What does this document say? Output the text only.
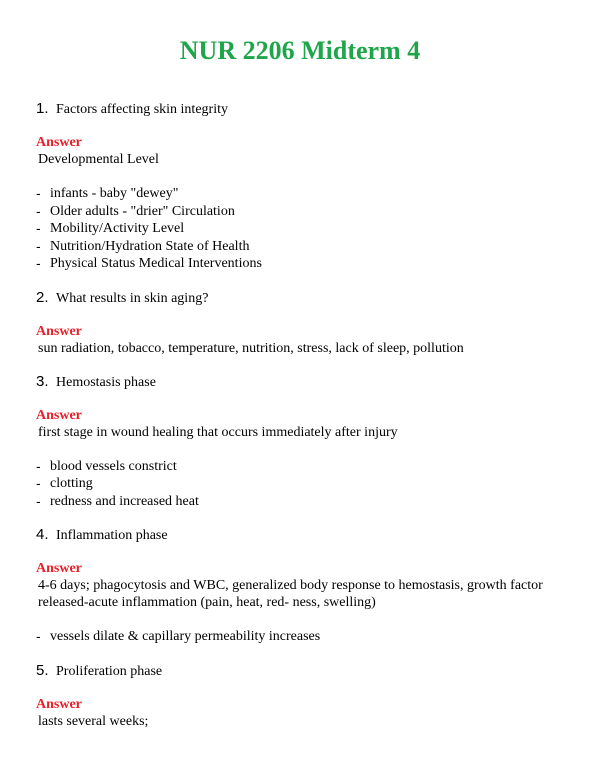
NUR 2206 Midterm 4
1. Factors affecting skin integrity
Answer
Developmental Level
- infants - baby "dewey"
- Older adults - "drier" Circulation
- Mobility/Activity Level
- Nutrition/Hydration State of Health
- Physical Status Medical Interventions
2. What results in skin aging?
Answer
sun radiation, tobacco, temperature, nutrition, stress, lack of sleep, pollution
3. Hemostasis phase
Answer
first stage in wound healing that occurs immediately after injury
- blood vessels constrict
- clotting
- redness and increased heat
4. Inflammation phase
Answer
4-6 days; phagocytosis and WBC, generalized body response to hemostasis, growth factor released-acute inflammation (pain, heat, red- ness, swelling)
- vessels dilate & capillary permeability increases
5. Proliferation phase
Answer
lasts several weeks;
